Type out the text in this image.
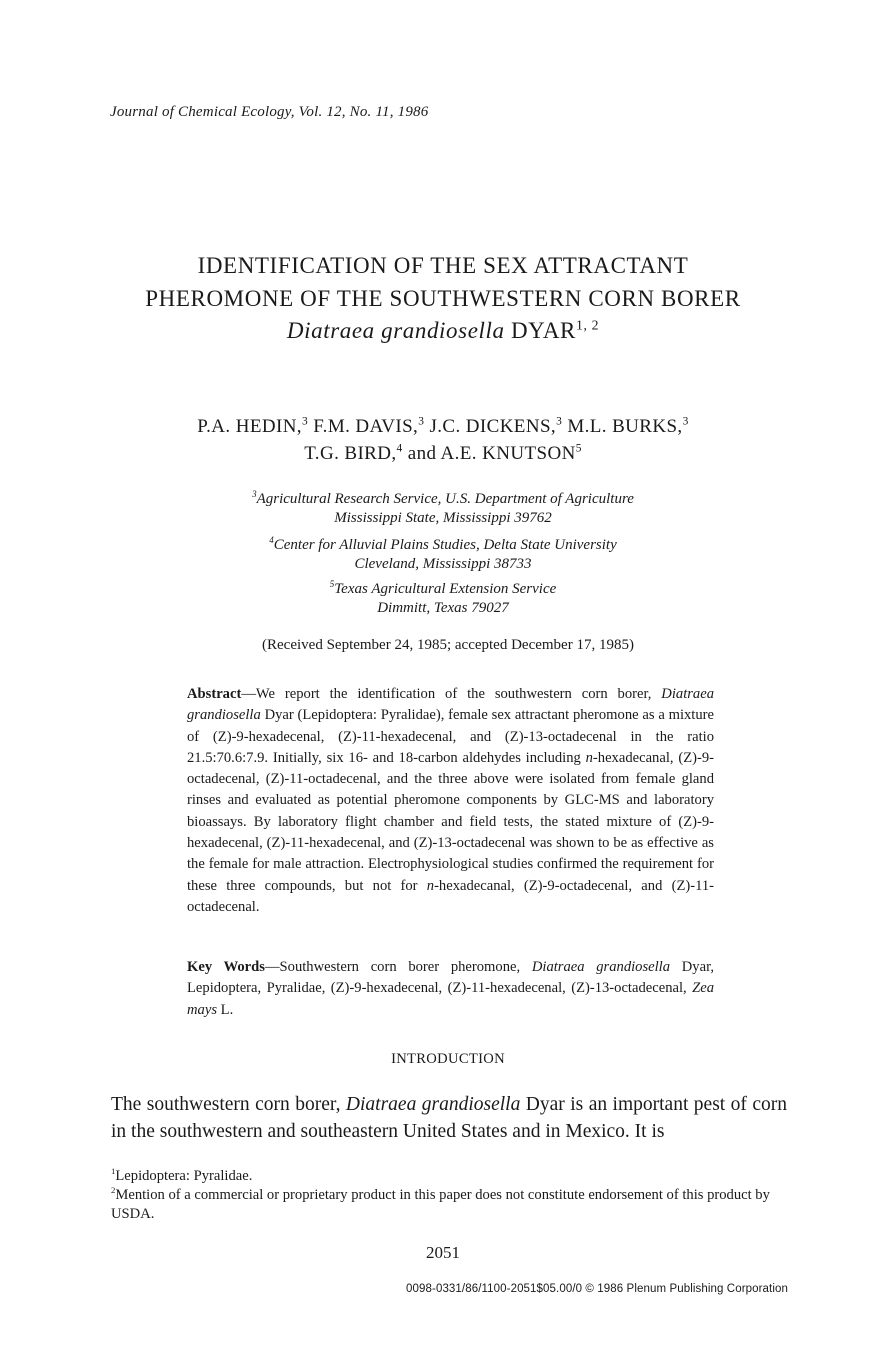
Journal of Chemical Ecology, Vol. 12, No. 11, 1986
IDENTIFICATION OF THE SEX ATTRACTANT
PHEROMONE OF THE SOUTHWESTERN CORN BORER
Diatraea grandiosella DYAR$^{1, 2}$
P.A. HEDIN,$^3$ F.M. DAVIS,$^3$ J.C. DICKENS,$^3$ M.L. BURKS,$^3$
T.G. BIRD,$^4$ and A.E. KNUTSON$^5$
$^3$Agricultural Research Service, U.S. Department of Agriculture
Mississippi State, Mississippi 39762
$^4$Center for Alluvial Plains Studies, Delta State University
Cleveland, Mississippi 38733
$^5$Texas Agricultural Extension Service
Dimmitt, Texas 79027
(Received September 24, 1985; accepted December 17, 1985)
Abstract—We report the identification of the southwestern corn borer, Diatraea grandiosella Dyar (Lepidoptera: Pyralidae), female sex attractant pheromone as a mixture of (Z)-9-hexadecenal, (Z)-11-hexadecenal, and (Z)-13-octadecenal in the ratio 21.5:70.6:7.9. Initially, six 16- and 18-carbon aldehydes including n-hexadecanal, (Z)-9-octadecenal, (Z)-11-octadecenal, and the three above were isolated from female gland rinses and evaluated as potential pheromone components by GLC-MS and laboratory bioassays. By laboratory flight chamber and field tests, the stated mixture of (Z)-9-hexadecenal, (Z)-11-hexadecenal, and (Z)-13-octadecenal was shown to be as effective as the female for male attraction. Electrophysiological studies confirmed the requirement for these three compounds, but not for n-hexadecanal, (Z)-9-octadecenal, and (Z)-11-octadecenal.
Key Words—Southwestern corn borer pheromone, Diatraea grandiosella Dyar, Lepidoptera, Pyralidae, (Z)-9-hexadecenal, (Z)-11-hexadecenal, (Z)-13-octadecenal, Zea mays L.
INTRODUCTION
The southwestern corn borer, Diatraea grandiosella Dyar is an important pest of corn in the southwestern and southeastern United States and in Mexico. It is
$^1$Lepidoptera: Pyralidae.
$^2$Mention of a commercial or proprietary product in this paper does not constitute endorsement of this product by USDA.
2051
0098-0331/86/1100-2051$05.00/0 © 1986 Plenum Publishing Corporation
